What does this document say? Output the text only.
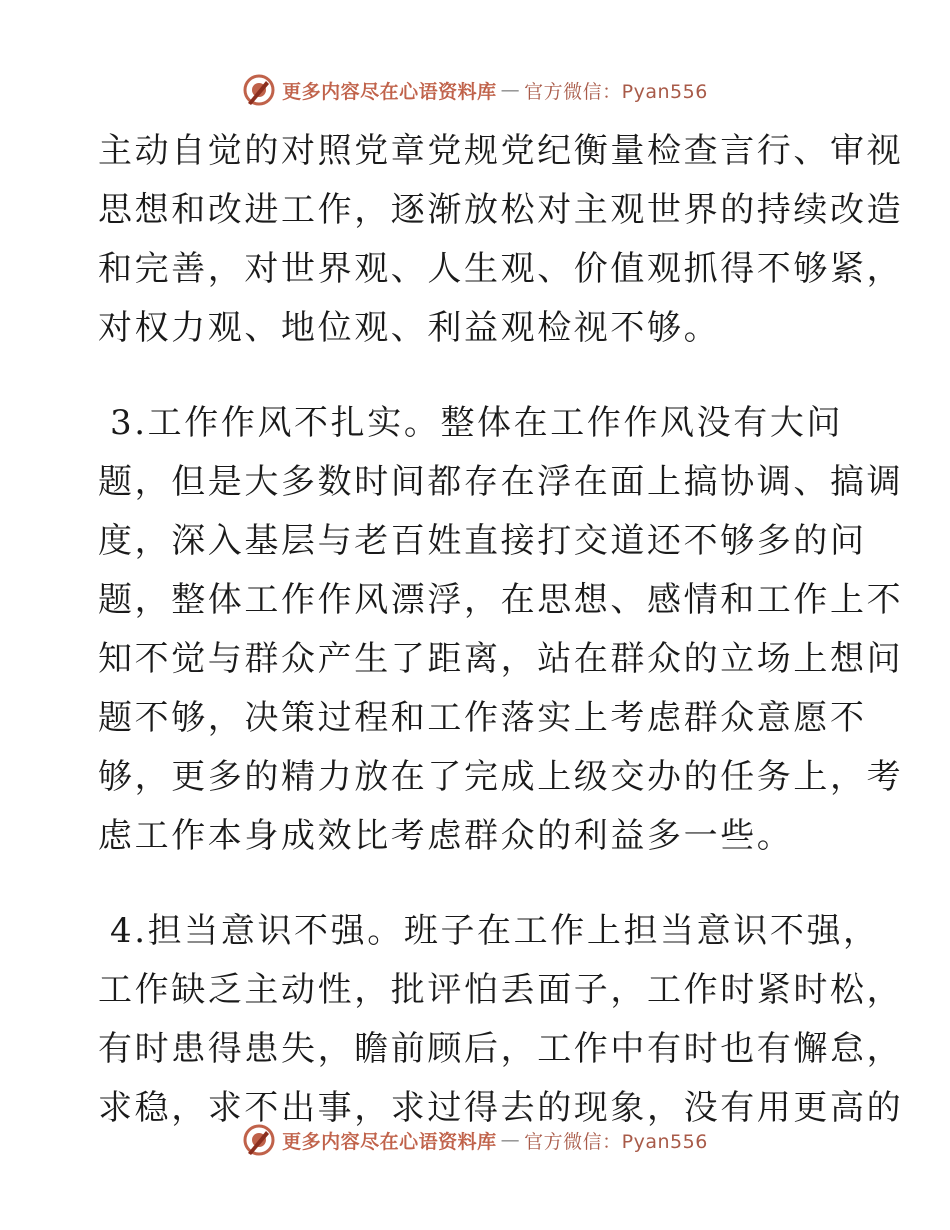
更多内容尽在心语资料库 — 官方微信：Pyan556
主动自觉的对照党章党规党纪衡量检查言行、审视
思想和改进工作，逐渐放松对主观世界的持续改造
和完善，对世界观、人生观、价值观抓得不够紧，
对权力观、地位观、利益观检视不够。
3.工作作风不扎实。整体在工作作风没有大问
题，但是大多数时间都存在浮在面上搞协调、搞调
度，深入基层与老百姓直接打交道还不够多的问
题，整体工作作风漂浮，在思想、感情和工作上不
知不觉与群众产生了距离，站在群众的立场上想问
题不够，决策过程和工作落实上考虑群众意愿不
够，更多的精力放在了完成上级交办的任务上，考
虑工作本身成效比考虑群众的利益多一些。
4.担当意识不强。班子在工作上担当意识不强，
工作缺乏主动性，批评怕丢面子，工作时紧时松，
有时患得患失，瞻前顾后，工作中有时也有懈怠，
求稳，求不出事，求过得去的现象，没有用更高的
更多内容尽在心语资料库 — 官方微信：Pyan556
